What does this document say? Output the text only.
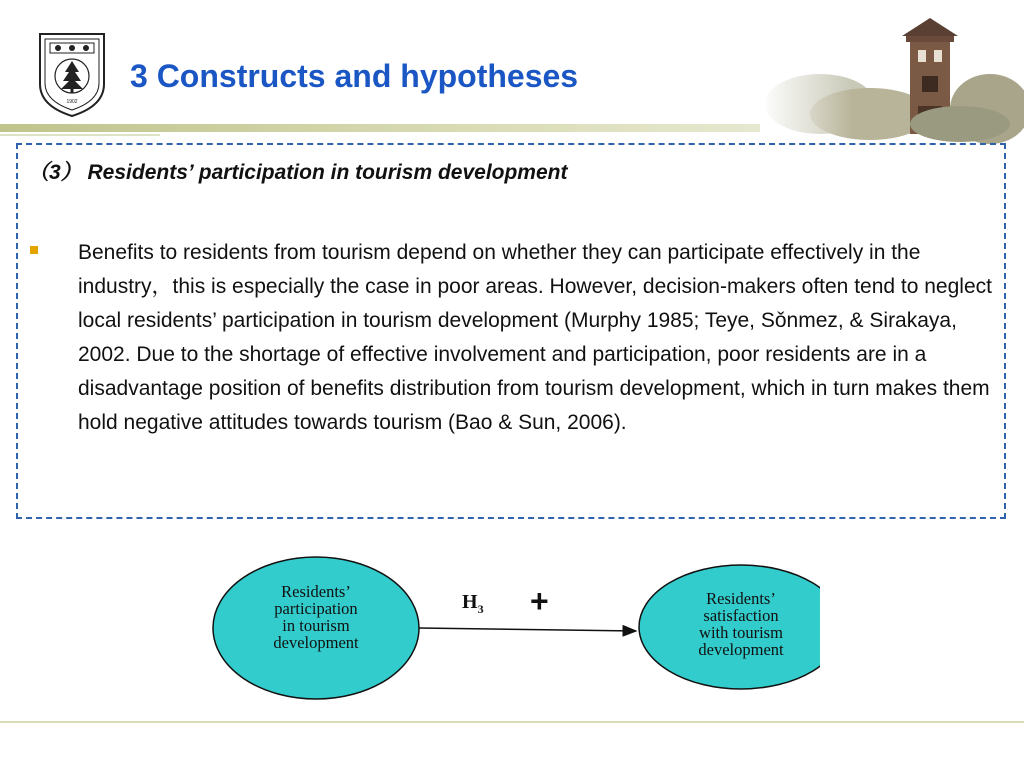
1902
3 Constructs and hypotheses
（3） Residents’ participation in tourism development
Benefits to residents from tourism depend on whether they can participate effectively in the industry，this is especially the case in poor areas. However, decision-makers often tend to neglect local residents’ participation in tourism development (Murphy 1985; Teye, Sǒnmez, & Sirakaya, 2002. Due to the shortage of effective involvement and participation, poor residents are in a disadvantage position of benefits distribution from tourism development, which in turn makes them hold negative attitudes towards tourism (Bao & Sun, 2006).
Residents’
participation
in tourism
development
Residents’
satisfaction
with tourism
development
$H_3$ +
